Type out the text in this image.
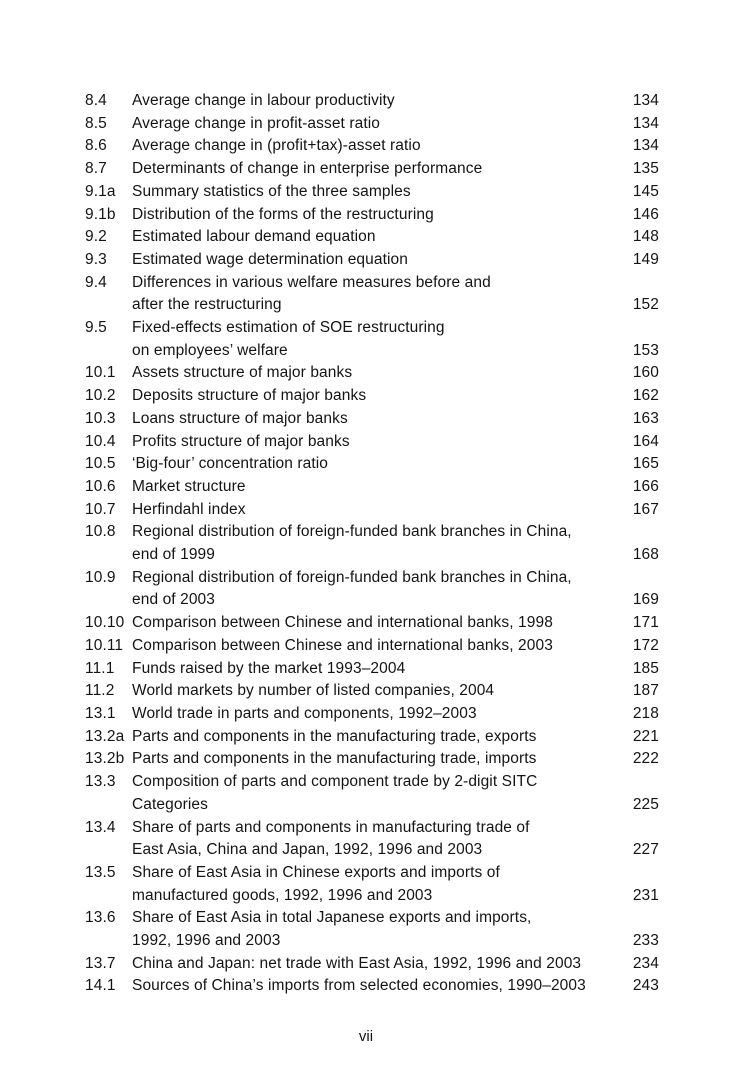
8.4	Average change in labour productivity	134
8.5	Average change in profit-asset ratio	134
8.6	Average change in (profit+tax)-asset ratio	134
8.7	Determinants of change in enterprise performance	135
9.1a	Summary statistics of the three samples	145
9.1b	Distribution of the forms of the restructuring	146
9.2	Estimated labour demand equation	148
9.3	Estimated wage determination equation	149
9.4	Differences in various welfare measures before and
after the restructuring	152
9.5	Fixed-effects estimation of SOE restructuring
on employees’ welfare	153
10.1	Assets structure of major banks	160
10.2	Deposits structure of major banks	162
10.3	Loans structure of major banks	163
10.4	Profits structure of major banks	164
10.5	‘Big-four’ concentration ratio	165
10.6	Market structure	166
10.7	Herfindahl index	167
10.8	Regional distribution of foreign-funded bank branches in China,
end of 1999	168
10.9	Regional distribution of foreign-funded bank branches in China,
end of 2003	169
10.10 Comparison between Chinese and international banks, 1998	171
10.11 Comparison between Chinese and international banks, 2003	172
11.1	Funds raised by the market 1993–2004	185
11.2	World markets by number of listed companies, 2004	187
13.1	World trade in parts and components, 1992–2003	218
13.2a Parts and components in the manufacturing trade, exports	221
13.2b Parts and components in the manufacturing trade, imports	222
13.3	Composition of parts and component trade by 2-digit SITC
Categories	225
13.4	Share of parts and components in manufacturing trade of
East Asia, China and Japan, 1992, 1996 and 2003	227
13.5	Share of East Asia in Chinese exports and imports of
manufactured goods, 1992, 1996 and 2003	231
13.6	Share of East Asia in total Japanese exports and imports,
1992, 1996 and 2003	233
13.7	China and Japan: net trade with East Asia, 1992, 1996 and 2003	234
14.1	Sources of China’s imports from selected economies, 1990–2003	243
vii
